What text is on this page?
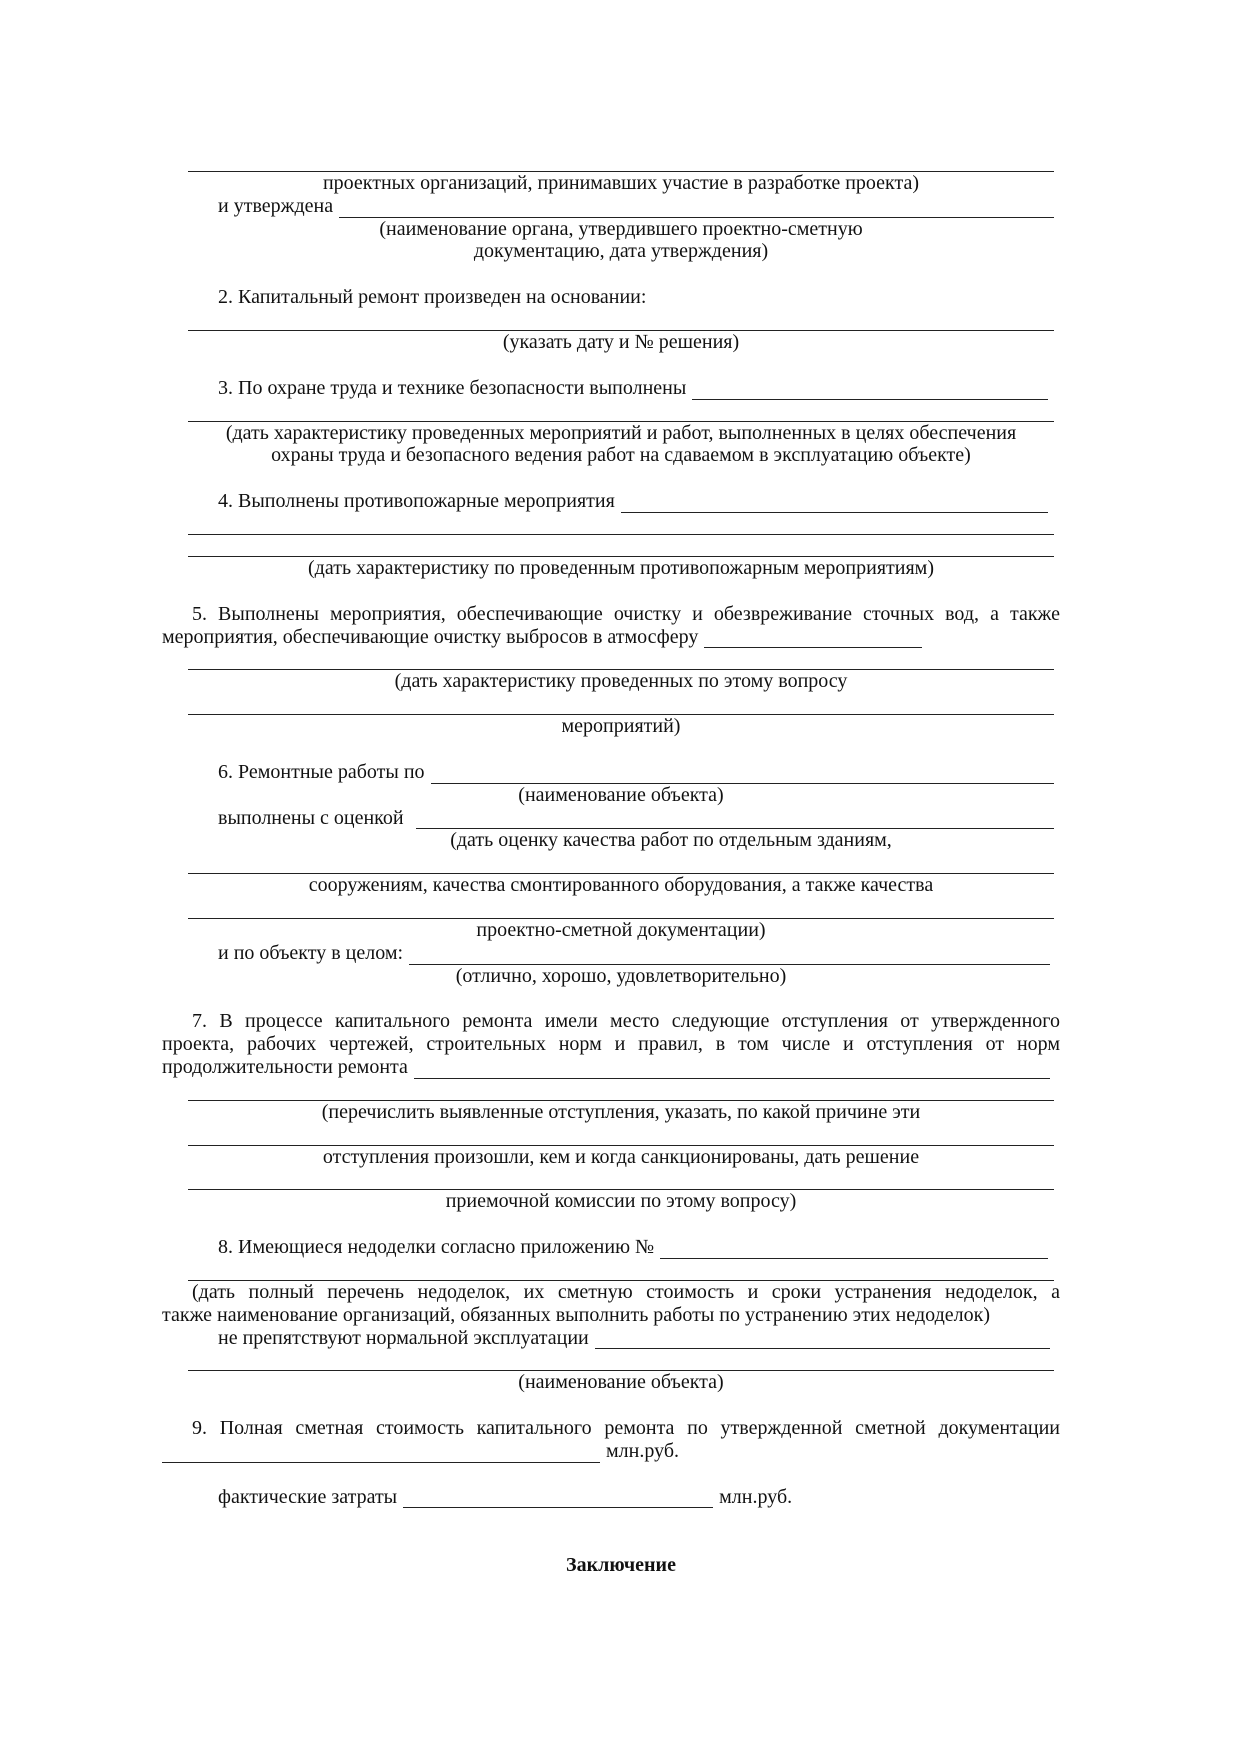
проектных организаций, принимавших участие в разработке проекта)
и утверждена
(наименование органа, утвердившего проектно-сметную
документацию, дата утверждения)
2. Капитальный ремонт произведен на основании:
(указать дату и № решения)
3. По охране труда и технике безопасности выполнены
(дать характеристику проведенных мероприятий и работ, выполненных в целях обеспечения
охраны труда и безопасного ведения работ на сдаваемом в эксплуатацию объекте)
4. Выполнены противопожарные мероприятия
(дать характеристику по проведенным противопожарным мероприятиям)
5. Выполнены мероприятия, обеспечивающие очистку и обезвреживание сточных вод, а также
мероприятия, обеспечивающие очистку выбросов в атмосферу
(дать характеристику проведенных по этому вопросу
мероприятий)
6. Ремонтные работы по
(наименование объекта)
выполнены с оценкой
(дать оценку качества работ по отдельным зданиям,
сооружениям, качества смонтированного оборудования, а также качества
проектно-сметной документации)
и по объекту в целом:
(отлично, хорошо, удовлетворительно)
7. В процессе капитального ремонта имели место следующие отступления от утвержденного
проекта, рабочих чертежей, строительных норм и правил, в том числе и отступления от норм
продолжительности ремонта
(перечислить выявленные отступления, указать, по какой причине эти
отступления произошли, кем и когда санкционированы, дать решение
приемочной комиссии по этому вопросу)
8. Имеющиеся недоделки согласно приложению №
(дать полный перечень недоделок, их сметную стоимость и сроки устранения недоделок, а
также наименование организаций, обязанных выполнить работы по устранению этих недоделок)
не препятствуют нормальной эксплуатации
(наименование объекта)
9. Полная сметная стоимость капитального ремонта по утвержденной сметной документации
млн.руб.
фактические затраты	млн.руб.
Заключение
